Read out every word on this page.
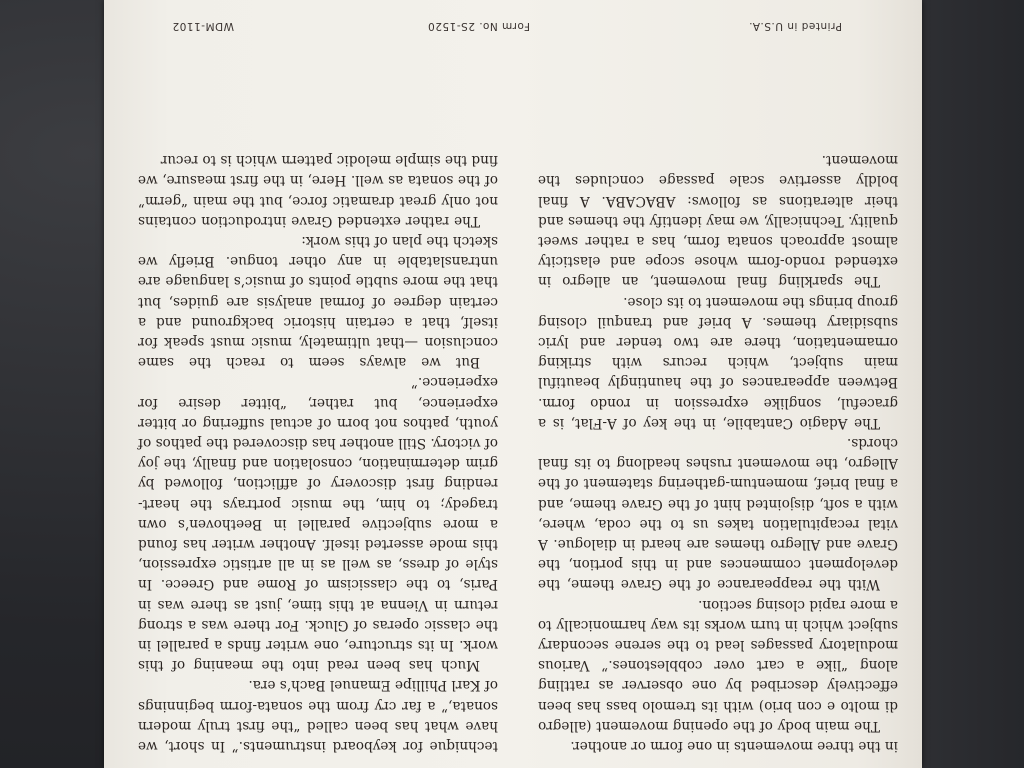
in the three movements in one form or another.

The main body of the opening movement (allegro di molto e con brio) with its tremolo bass has been effectively described by one observer as rattling along “like a cart over cobblestones.” Various modulatory passages lead to the serene secondary subject which in turn works its way harmonically to a more rapid closing section.

With the reappearance of the Grave theme, the development commences and in this portion, the Grave and Allegro themes are heard in dialogue. A vital recapitulation takes us to the coda, where, with a soft, disjointed hint of the Grave theme, and a final brief, momentum-gathering statement of the Allegro, the movement rushes headlong to its final chords.

The Adagio Cantabile, in the key of A-Flat, is a graceful, songlike expression in rondo form. Between appearances of the hauntingly beautiful main subject, which recurs with striking ornamentation, there are two tender and lyric subsidiary themes. A brief and tranquil closing group brings the movement to its close.

The sparkling final movement, an allegro in extended rondo-form whose scope and elasticity almost approach sonata form, has a rather sweet quality. Technically, we may identify the themes and their alterations as follows: ABACABA. A final boldly assertive scale passage concludes the movement.

technique for keyboard instruments.” In short, we have what has been called “the first truly modern sonata,” a far cry from the sonata-form beginnings of Karl Phillipe Emanuel Bach’s era.

Much has been read into the meaning of this work. In its structure, one writer finds a parallel in the classic operas of Gluck. For there was a strong return in Vienna at this time, just as there was in Paris, to the classicism of Rome and Greece. In style of dress, as well as in all artistic expression, this mode asserted itself. Another writer has found a more subjective parallel in Beethoven’s own tragedy; to him, the music portrays the heart-rending first discovery of affliction, followed by grim determination, consolation and finally, the joy of victory. Still another has discovered the pathos of youth, pathos not born of actual suffering or bitter experience, but rather, “bitter desire for experience.”

But we always seem to reach the same conclusion —that ultimately, music must speak for itself, that a certain historic background and a certain degree of formal analysis are guides, but that the more subtle points of music’s language are untranslatable in any other tongue. Briefly we sketch the plan of this work:

The rather extended Grave introduction contains not only great dramatic force, but the main “germ” of the sonata as well. Here, in the first measure, we find the simple melodic pattern which is to recur

Printed in U.S.A.
Form No. 2S-1520
WDM-1102
